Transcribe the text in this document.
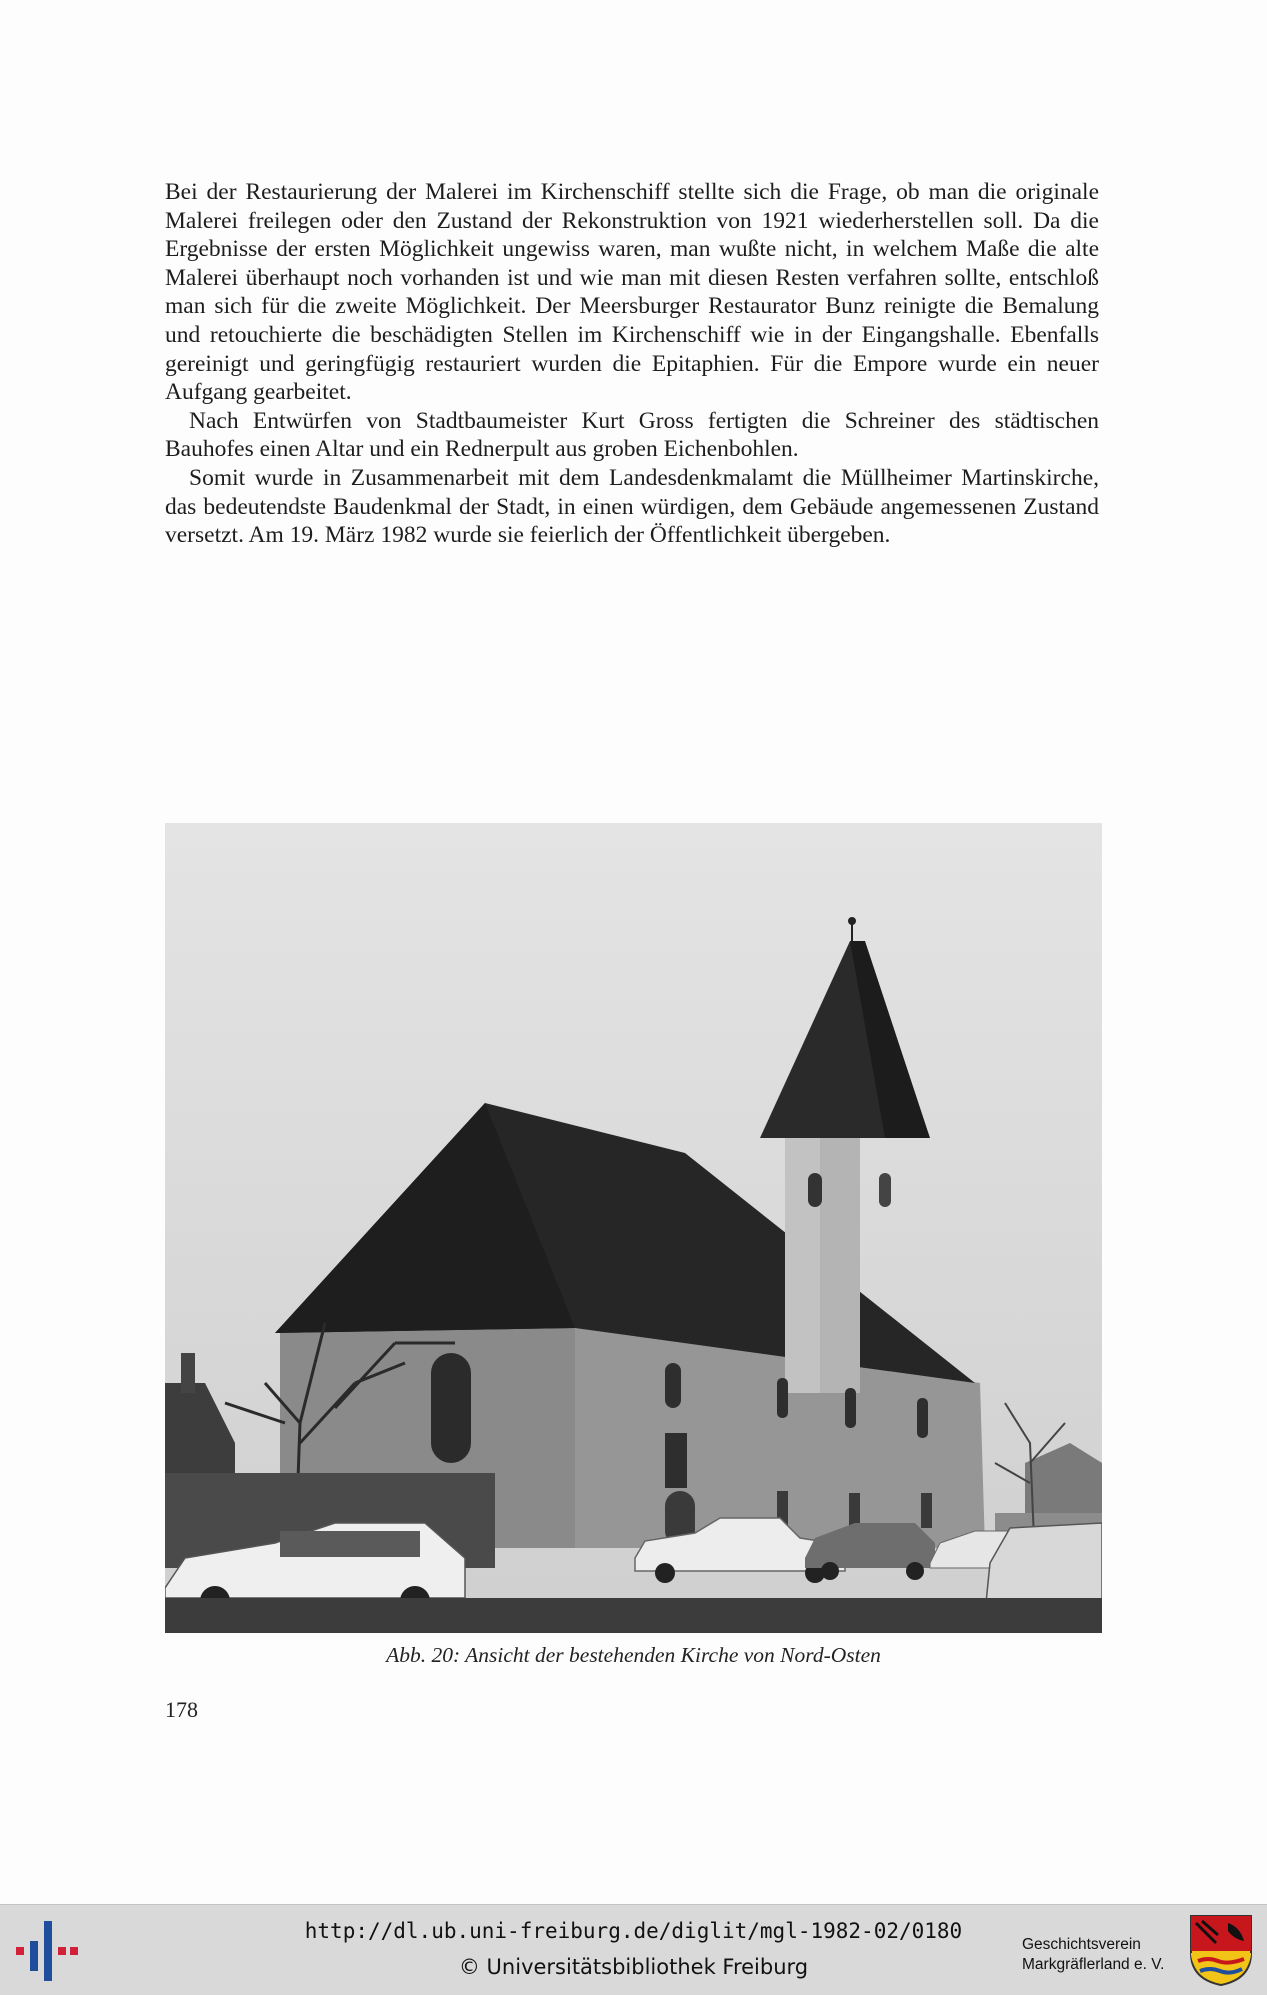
Bei der Restaurierung der Malerei im Kirchenschiff stellte sich die Frage, ob man die originale Malerei freilegen oder den Zustand der Rekonstruktion von 1921 wiederherstellen soll. Da die Ergebnisse der ersten Möglichkeit ungewiss waren, man wußte nicht, in welchem Maße die alte Malerei überhaupt noch vorhanden ist und wie man mit diesen Resten verfahren sollte, entschloß man sich für die zweite Möglichkeit. Der Meersburger Restaurator Bunz reinigte die Bemalung und retouchierte die beschädigten Stellen im Kirchenschiff wie in der Eingangshalle. Ebenfalls gereinigt und geringfügig restauriert wurden die Epitaphien. Für die Empore wurde ein neuer Aufgang gearbeitet.

Nach Entwürfen von Stadtbaumeister Kurt Gross fertigten die Schreiner des städtischen Bauhofes einen Altar und ein Rednerpult aus groben Eichenbohlen.

Somit wurde in Zusammenarbeit mit dem Landesdenkmalamt die Müllheimer Martinskirche, das bedeutendste Baudenkmal der Stadt, in einen würdigen, dem Gebäude angemessenen Zustand versetzt. Am 19. März 1982 wurde sie feierlich der Öffentlichkeit übergeben.

Abb. 20: Ansicht der bestehenden Kirche von Nord-Osten
178
http://dl.ub.uni-freiburg.de/diglit/mgl-1982-02/0180
© Universitätsbibliothek Freiburg
Geschichtsverein
Markgräflerland e. V.
